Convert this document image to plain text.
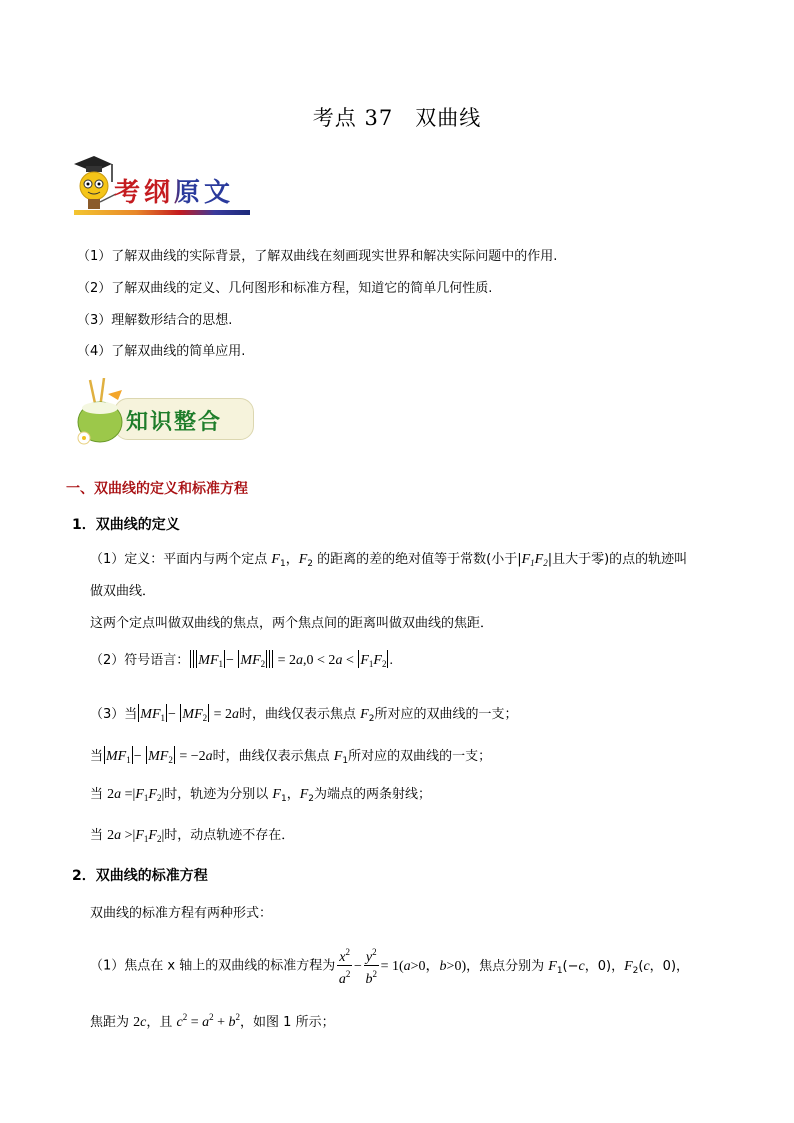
考点 37 双曲线
考纲原文
（1）了解双曲线的实际背景，了解双曲线在刻画现实世界和解决实际问题中的作用.
（2）了解双曲线的定义、几何图形和标准方程，知道它的简单几何性质.
（3）理解数形结合的思想.
（4）了解双曲线的简单应用.
知识整合
一、双曲线的定义和标准方程
1．双曲线的定义
（1）定义：平面内与两个定点 $F_1$，$F_2$ 的距离的差的绝对值等于常数(小于$|F_1F_2|$且大于零)的点的轨迹叫
做双曲线．
这两个定点叫做双曲线的焦点，两个焦点间的距离叫做双曲线的焦距．
（2）符号语言： $MF_1 - MF_2 = 2a,0 < 2a < F_1F_2$ .
（3）当 $MF_1 - MF_2 = 2a$时，曲线仅表示焦点 $F_2$所对应的双曲线的一支；
当 $MF_1 - MF_2 = -2a$时，曲线仅表示焦点 $F_1$所对应的双曲线的一支；
当 $2a =|F_1F_2|$时，轨迹为分别以 $F_1$，$F_2$为端点的两条射线；
当 $2a >|F_1F_2|$时，动点轨迹不存在．
2．双曲线的标准方程
双曲线的标准方程有两种形式：
（1）焦点在 x 轴上的双曲线的标准方程为 $\frac{x^2}{a^2} - \frac{y^2}{b^2} = 1(a>0$，b>0)，焦点分别为 $F_1(-c$，0)，$F_2(c$，0)，
焦距为 2c，且 $c^2 = a^2 + b^2$，如图 1 所示；
